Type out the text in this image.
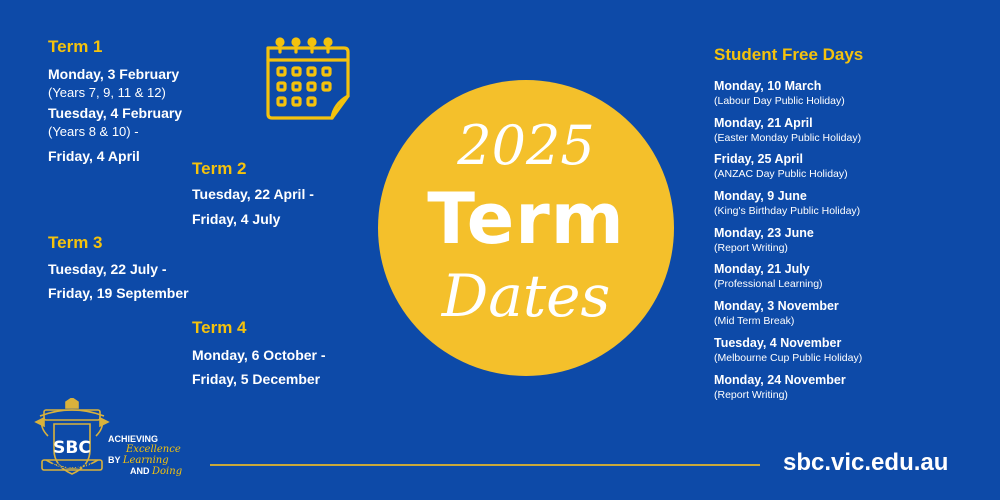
Term 1
Monday, 3 February
(Years 7, 9, 11 & 12)
Tuesday, 4 February
(Years 8 & 10) -
Friday, 4 April
Term 2
Tuesday, 22 April -
Friday, 4 July
Term 3
Tuesday, 22 July -
Friday, 19 September
Term 4
Monday, 6 October -
Friday, 5 December
2025
Term
Dates
Student Free Days
Monday, 10 March
(Labour Day Public Holiday)
Monday, 21 April
(Easter Monday Public Holiday)
Friday, 25 April
(ANZAC Day Public Holiday)
Monday, 9 June
(King's Birthday Public Holiday)
Monday, 23 June
(Report Writing)
Monday, 21 July
(Professional Learning)
Monday, 3 November
(Mid Term Break)
Tuesday, 4 November
(Melbourne Cup Public Holiday)
Monday, 24 November
(Report Writing)
SBC
ESSENDON
ACHIEVING
Excellence
BY Learning
AND Doing	sbc.vic.edu.au
